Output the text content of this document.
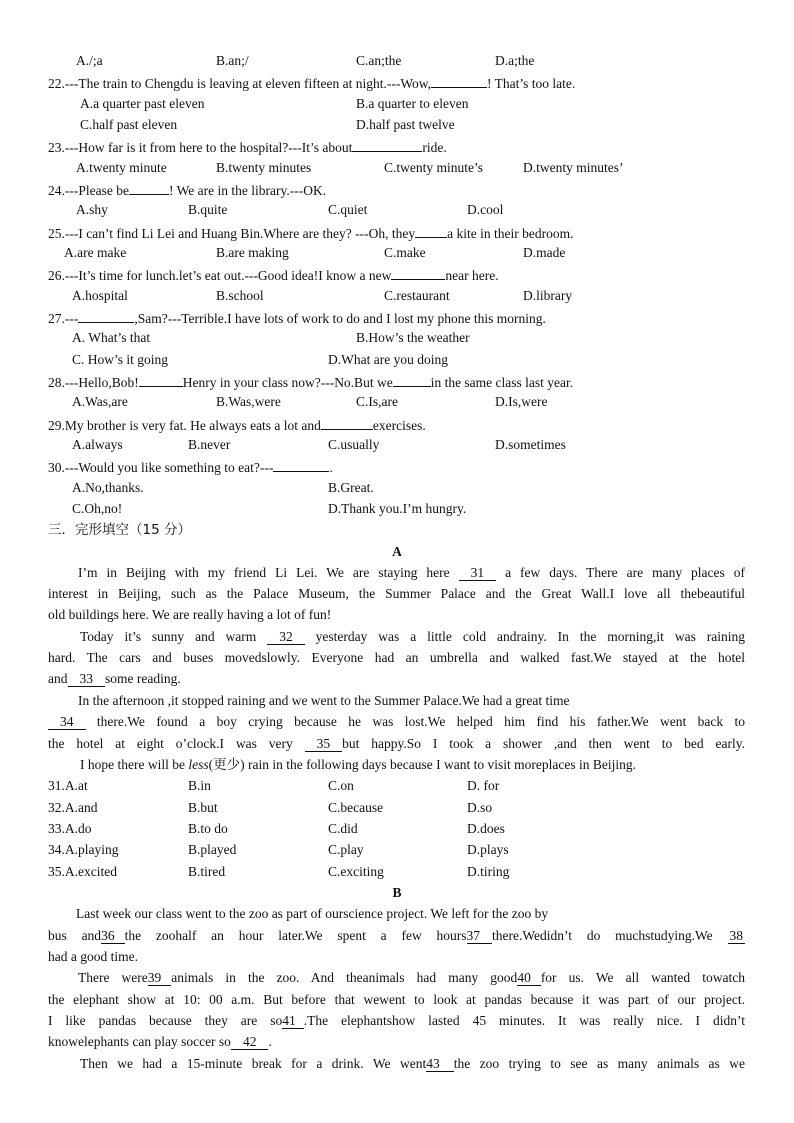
A./;a	B.an;/	C.an;the	D.a;the
22.---The train to Chengdu is leaving at eleven fifteen at night.---Wow,	! That’s too late.
A.a quarter past eleven	B.a quarter to eleven
C.half past eleven	D.half past twelve
23.---How far is it from here to the hospital?---It’s about	ride.
A.twenty minute	B.twenty minutes	C.twenty minute’s	D.twenty minutes’
24.---Please be	! We are in the library.---OK.
A.shy	B.quite	C.quiet	D.cool
25.---I can’t find Li Lei and Huang Bin.Where are they? ---Oh, they a kite in their bedroom.
A.are make	B.are making	C.make	D.made
26.---It’s time for lunch.let’s eat out.---Good idea!I know a new	near here.
A.hospital	B.school	C.restaurant	D.library
27.---	,Sam?---Terrible.I have lots of work to do and I lost my phone this morning.
A. What’s that	B.How’s the weather
C. How’s it going	D.What are you doing
28.---Hello,Bob!	Henry in your class now?---No.But we	in the same class last year.
A.Was,are	B.Was,were	C.Is,are	D.Is,were
29.My brother is very fat. He always eats a lot and	exercises.
A.always	B.never	C.usually	D.sometimes
30.---Would you like something to eat?---	.
A.No,thanks.	B.Great.
C.Oh,no!	D.Thank you.I’m hungry.
三．完形填空（15 分）
A
I’m in Beijing with my friend Li Lei. We are staying here 31 a few days. There are many places of
interest in Beijing, such as the Palace Museum, the Summer Palace and the Great Wall.I love all thebeautiful
old buildings here. We are really having a lot of fun!
Today it’s sunny and warm 32 yesterday was a little cold andrainy. In the morning,it was raining
hard. The cars and buses movedslowly. Everyone had an umbrella and walked fast.We stayed at the hotel
and 33 some reading.
In the afternoon ,it stopped raining and we went to the Summer Palace.We had a great time
34 there.We found a boy crying because he was lost.We helped him find his father.We went back to
the hotel at eight o’clock.I was very 35 but happy.So I took a shower ,and then went to bed early.
I hope there will be less(更少) rain in the following days because I want to visit moreplaces in Beijing.
31.A.at	B.in	C.on	D. for
32.A.and	B.but	C.because	D.so
33.A.do	B.to do	C.did	D.does
34.A.playing	B.played	C.play	D.plays
35.A.excited	B.tired	C.exciting	D.tiring
B
Last week our class went to the zoo as part of ourscience project. We left for the zoo by
bus and36 the zoohalf an hour later.We spent a few hours37 there.Wedidn’t do muchstudying.We 38
had a good time.
There were39 animals in the zoo. And theanimals had many good40 for us. We all wanted towatch
the elephant show at 10: 00 a.m. But before that wewent to look at pandas because it was part of our project.
I like pandas because they are so41 .The elephantshow lasted 45 minutes. It was really nice. I didn’t
knowelephants can play soccer so 42 .
Then we had a 15-minute break for a drink. We went43 the zoo trying to see as many animals as we
